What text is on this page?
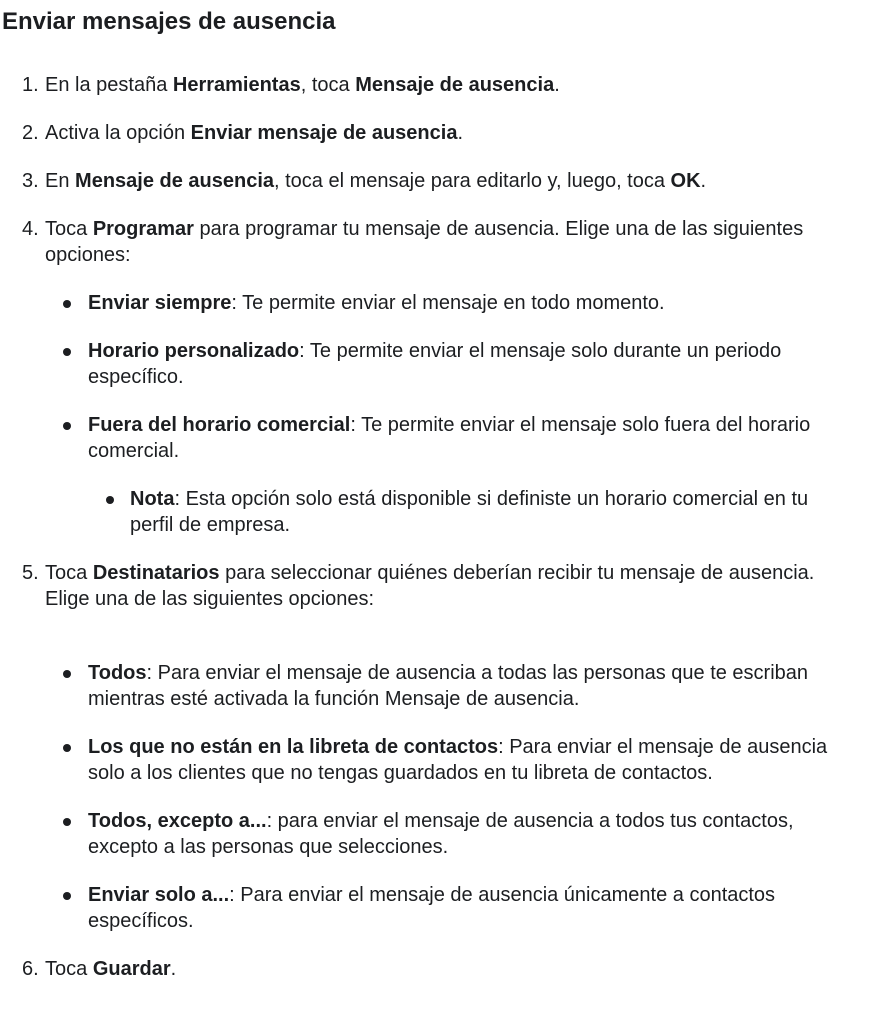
Enviar mensajes de ausencia
1. En la pestaña Herramientas, toca Mensaje de ausencia.
2. Activa la opción Enviar mensaje de ausencia.
3. En Mensaje de ausencia, toca el mensaje para editarlo y, luego, toca OK.
4. Toca Programar para programar tu mensaje de ausencia. Elige una de las siguientes opciones:
Enviar siempre: Te permite enviar el mensaje en todo momento.
Horario personalizado: Te permite enviar el mensaje solo durante un periodo específico.
Fuera del horario comercial: Te permite enviar el mensaje solo fuera del horario comercial.
Nota: Esta opción solo está disponible si definiste un horario comercial en tu perfil de empresa.
5. Toca Destinatarios para seleccionar quiénes deberían recibir tu mensaje de ausencia. Elige una de las siguientes opciones:
Todos: Para enviar el mensaje de ausencia a todas las personas que te escriban mientras esté activada la función Mensaje de ausencia.
Los que no están en la libreta de contactos: Para enviar el mensaje de ausencia solo a los clientes que no tengas guardados en tu libreta de contactos.
Todos, excepto a...: para enviar el mensaje de ausencia a todos tus contactos, excepto a las personas que selecciones.
Enviar solo a...: Para enviar el mensaje de ausencia únicamente a contactos específicos.
6. Toca Guardar.
